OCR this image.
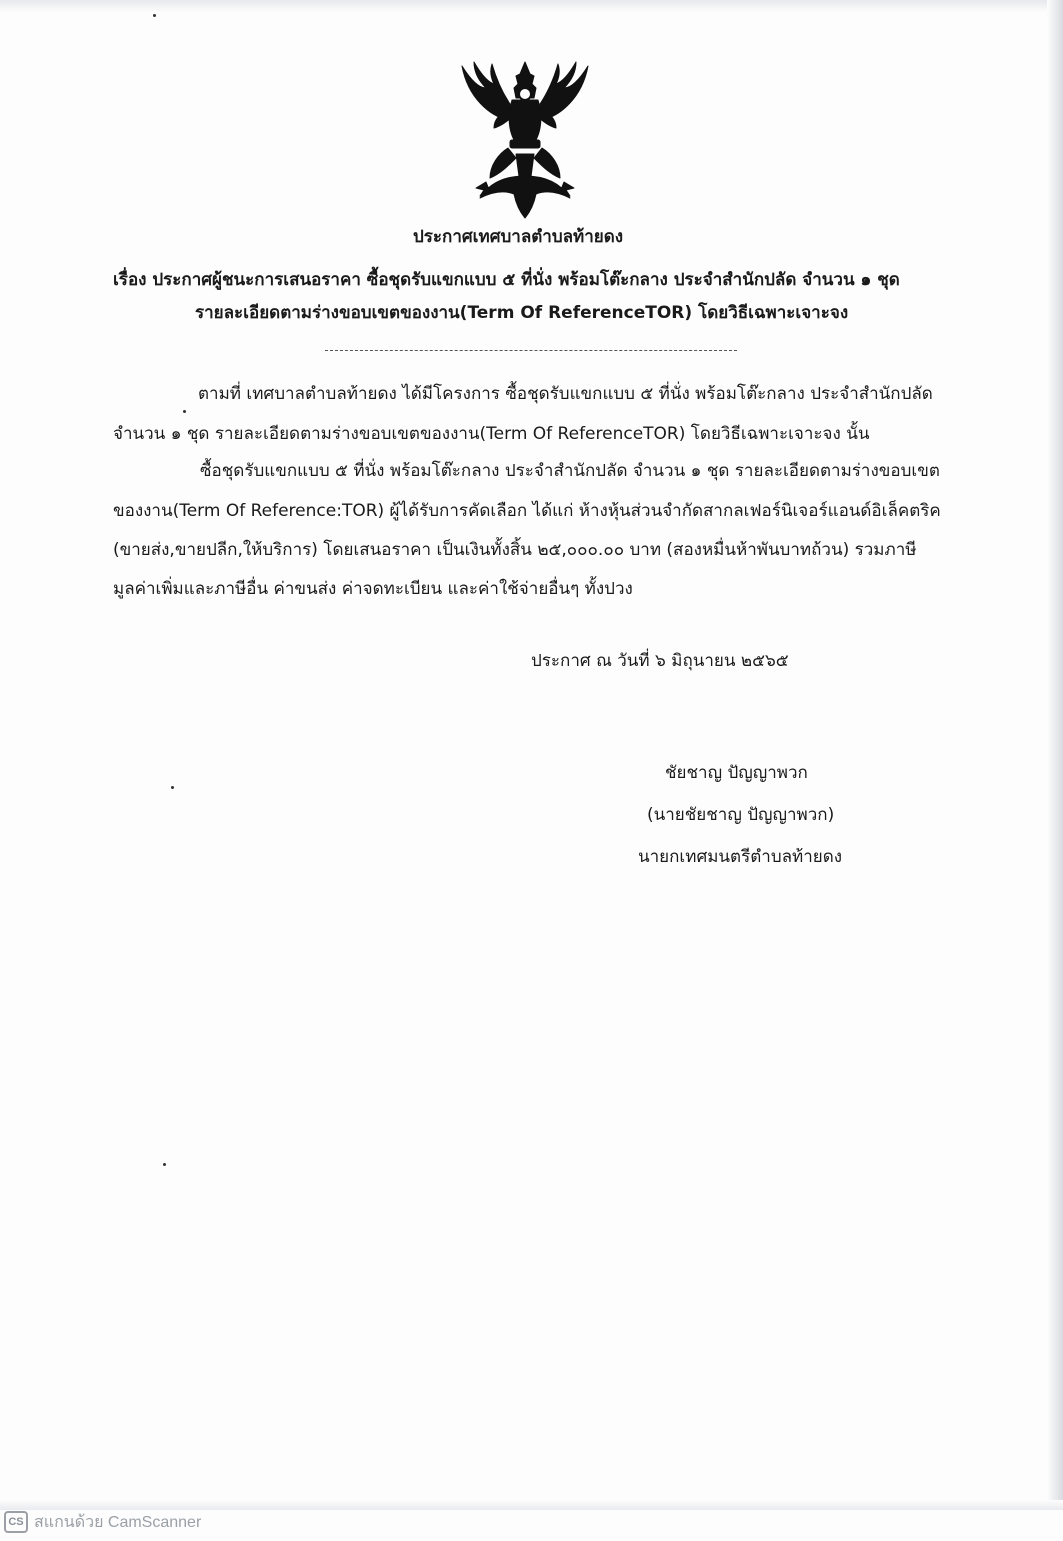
ประกาศเทศบาลตำบลท้ายดง

เรื่อง ประกาศผู้ชนะการเสนอราคา ซื้อชุดรับแขกแบบ ๕ ที่นั่ง พร้อมโต๊ะกลาง ประจำสำนักปลัด จำนวน ๑ ชุด

รายละเอียดตามร่างขอบเขตของงาน(Term Of ReferenceTOR) โดยวิธีเฉพาะเจาะจง

ตามที่ เทศบาลตำบลท้ายดง ได้มีโครงการ ซื้อชุดรับแขกแบบ ๕ ที่นั่ง พร้อมโต๊ะกลาง ประจำสำนักปลัด

จำนวน ๑ ชุด รายละเอียดตามร่างขอบเขตของงาน(Term Of ReferenceTOR) โดยวิธีเฉพาะเจาะจง นั้น

ซื้อชุดรับแขกแบบ ๕ ที่นั่ง พร้อมโต๊ะกลาง ประจำสำนักปลัด จำนวน ๑ ชุด รายละเอียดตามร่างขอบเขต

ของงาน(Term Of Reference:TOR) ผู้ได้รับการคัดเลือก ได้แก่ ห้างหุ้นส่วนจำกัดสากลเฟอร์นิเจอร์แอนด์อิเล็คตริค

(ขายส่ง,ขายปลีก,ให้บริการ) โดยเสนอราคา เป็นเงินทั้งสิ้น ๒๕,๐๐๐.๐๐ บาท (สองหมื่นห้าพันบาทถ้วน) รวมภาษี

มูลค่าเพิ่มและภาษีอื่น ค่าขนส่ง ค่าจดทะเบียน และค่าใช้จ่ายอื่นๆ ทั้งปวง

ประกาศ ณ วันที่ ๖ มิถุนายน ๒๕๖๕

ชัยชาญ ปัญญาพวก

(นายชัยชาญ ปัญญาพวก)

นายกเทศมนตรีตำบลท้ายดง

CS สแกนด้วย CamScanner
